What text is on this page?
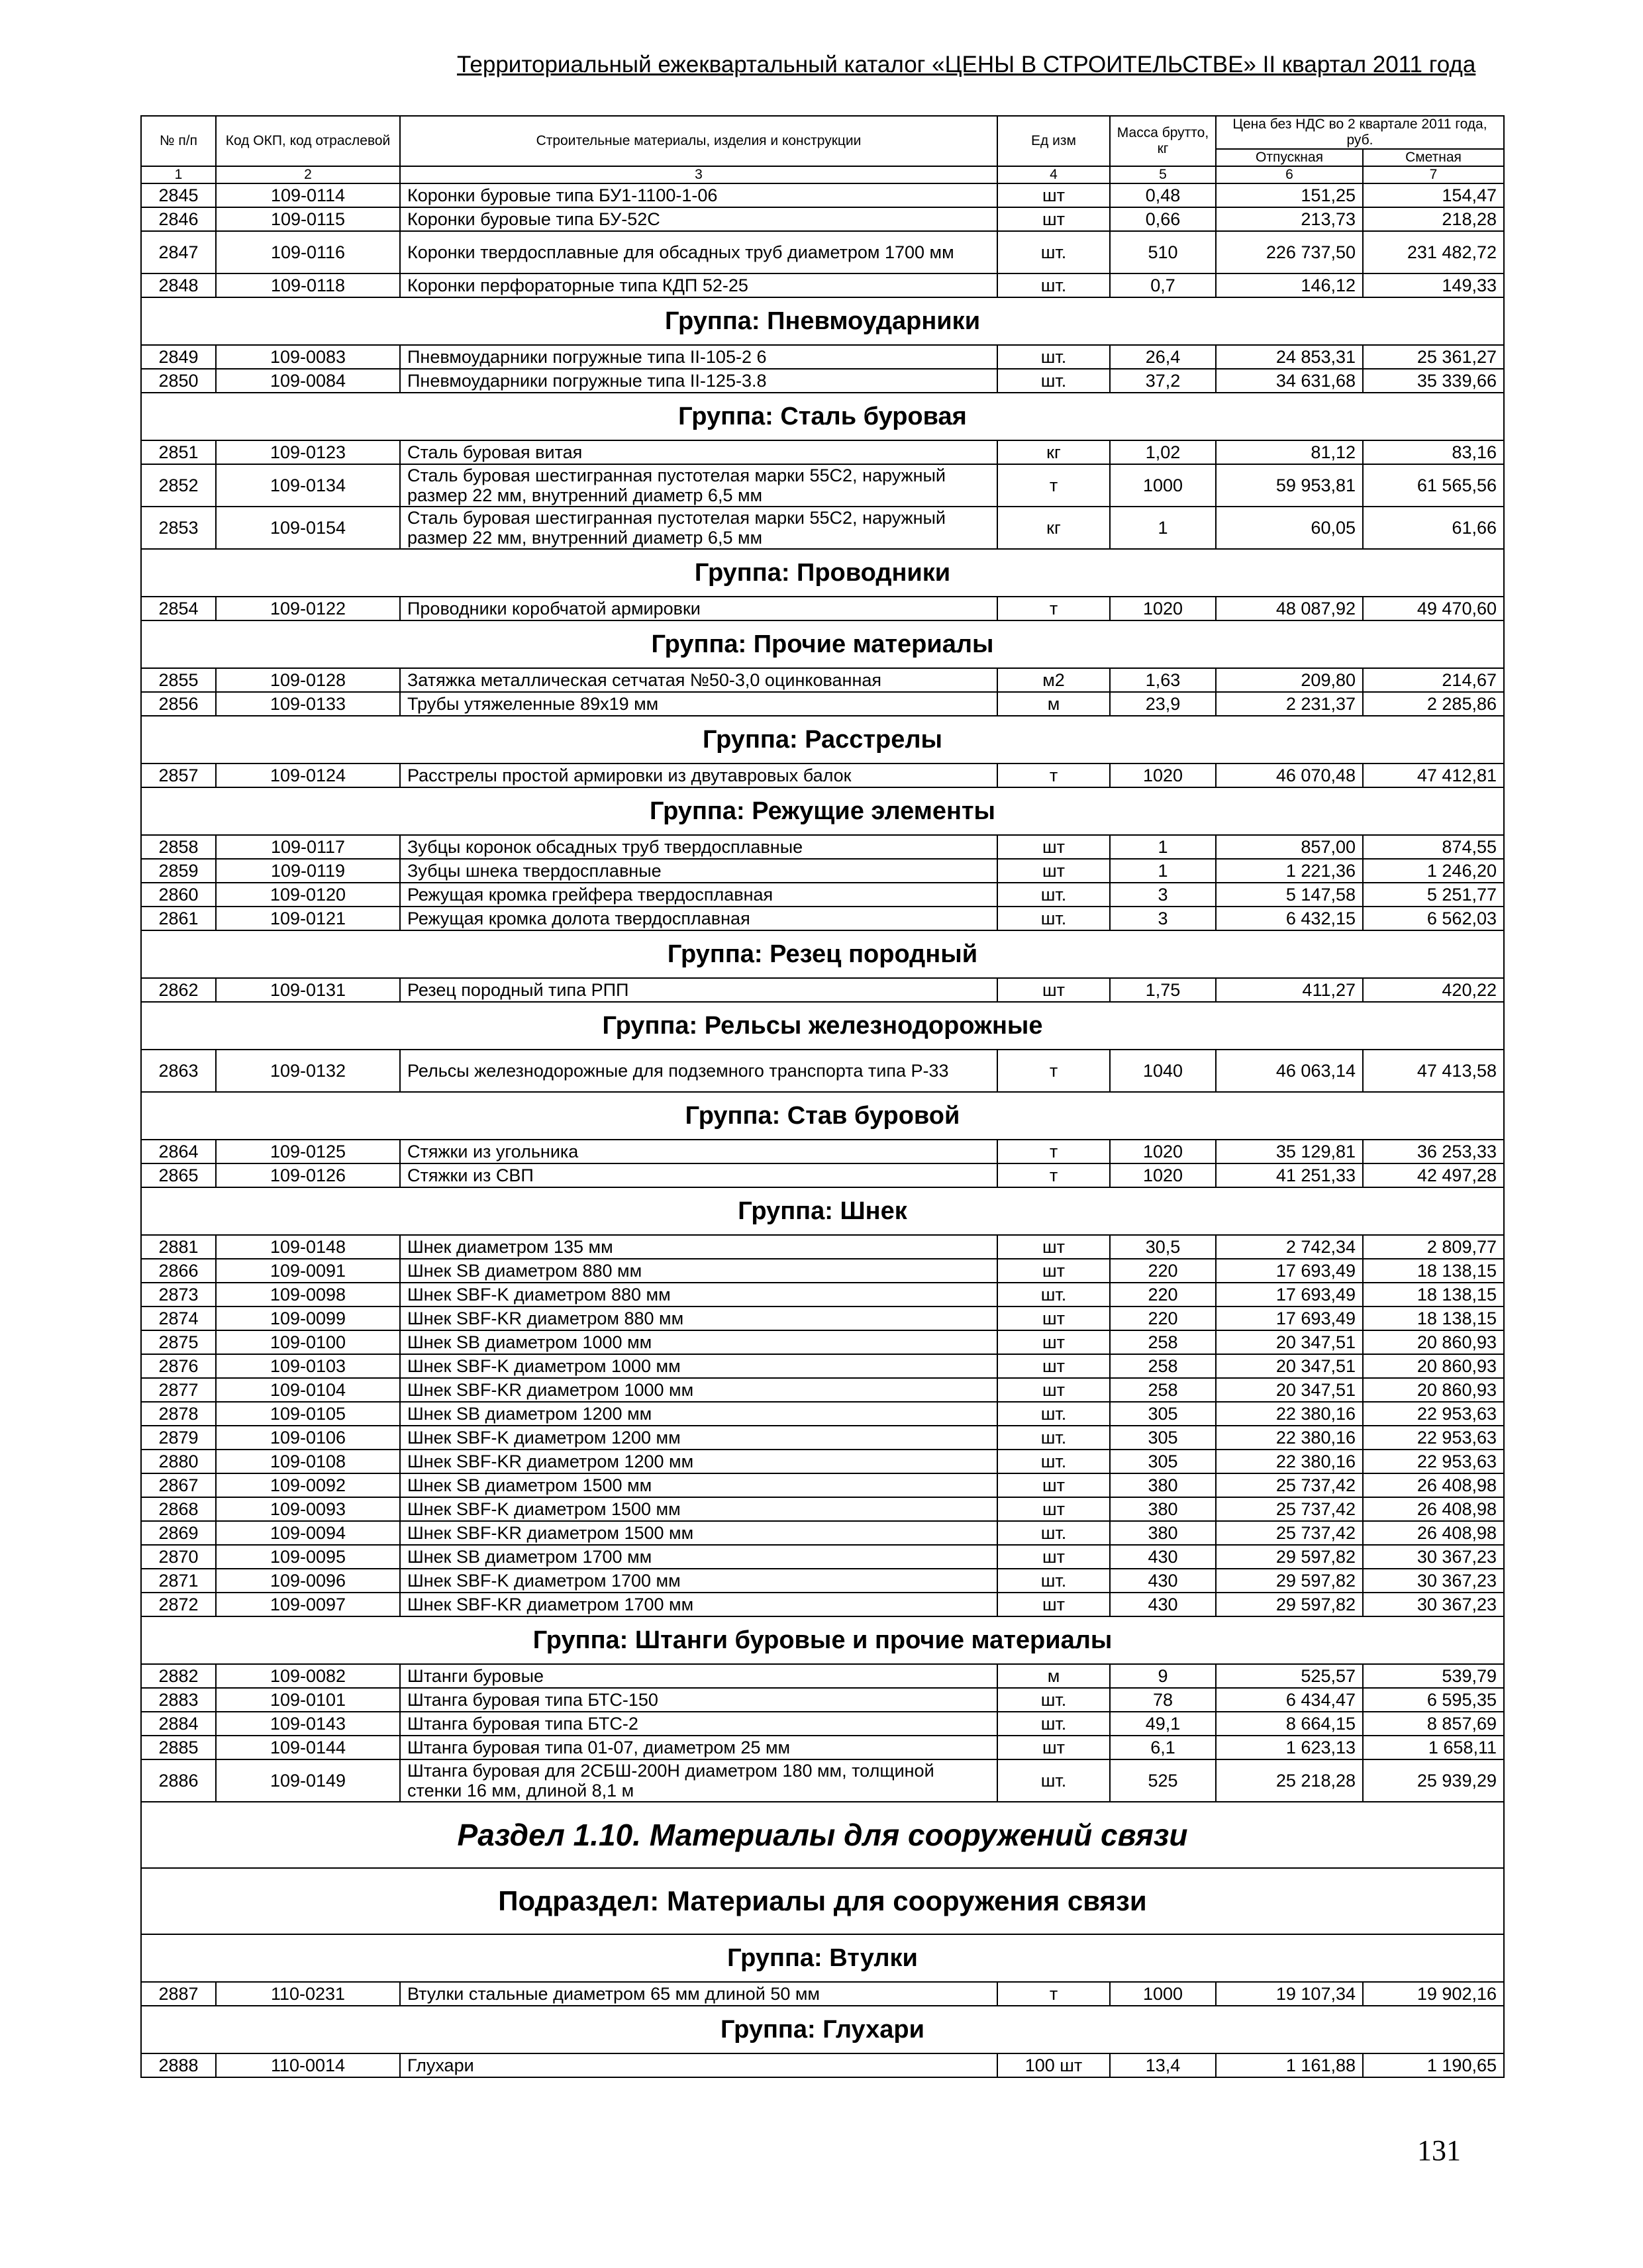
Территориальный ежеквартальный каталог «ЦЕНЫ В СТРОИТЕЛЬСТВЕ» II квартал 2011 года
№ п/п	Код ОКП, код отраслевой	Строительные материалы, изделия и конструкции	Ед изм	Масса брутто, кг	Цена без НДС во 2 квартале 2011 года, руб.	
					Отпускная	Сметная
1	2	3	4	5	6	7
2845	109-0114	Коронки буровые типа БУ1-1100-1-06	шт	0,48	151,25	154,47
2846	109-0115	Коронки буровые типа БУ-52С	шт	0,66	213,73	218,28
2847	109-0116	Коронки твердосплавные для обсадных труб диаметром 1700 мм	шт.	510	226 737,50	231 482,72
2848	109-0118	Коронки перфораторные типа КДП 52-25	шт.	0,7	146,12	149,33
Группа: Пневмоударники						
2849	109-0083	Пневмоударники погружные типа II-105-2 6	шт.	26,4	24 853,31	25 361,27
2850	109-0084	Пневмоударники погружные типа II-125-3.8	шт.	37,2	34 631,68	35 339,66
Группа: Сталь буровая						
2851	109-0123	Сталь буровая витая	кг	1,02	81,12	83,16
2852	109-0134	Сталь буровая шестигранная пустотелая марки 55С2, наружный размер 22 мм, внутренний диаметр 6,5 мм	т	1000	59 953,81	61 565,56
2853	109-0154	Сталь буровая шестигранная пустотелая марки 55С2, наружный размер 22 мм, внутренний диаметр 6,5 мм	кг	1	60,05	61,66
Группа: Проводники						
2854	109-0122	Проводники коробчатой армировки	т	1020	48 087,92	49 470,60
Группа: Прочие материалы						
2855	109-0128	Затяжка металлическая сетчатая №50-3,0 оцинкованная	м2	1,63	209,80	214,67
2856	109-0133	Трубы утяжеленные 89х19 мм	м	23,9	2 231,37	2 285,86
Группа: Расстрелы						
2857	109-0124	Расстрелы простой армировки из двутавровых балок	т	1020	46 070,48	47 412,81
Группа: Режущие элементы						
2858	109-0117	Зубцы коронок обсадных труб твердосплавные	шт	1	857,00	874,55
2859	109-0119	Зубцы шнека твердосплавные	шт	1	1 221,36	1 246,20
2860	109-0120	Режущая кромка грейфера твердосплавная	шт.	3	5 147,58	5 251,77
2861	109-0121	Режущая кромка долота твердосплавная	шт.	3	6 432,15	6 562,03
Группа: Резец породный						
2862	109-0131	Резец породный типа РПП	шт	1,75	411,27	420,22
Группа: Рельсы железнодорожные						
2863	109-0132	Рельсы железнодорожные для подземного транспорта типа Р-33	т	1040	46 063,14	47 413,58
Группа: Став буровой						
2864	109-0125	Стяжки из угольника	т	1020	35 129,81	36 253,33
2865	109-0126	Стяжки из СВП	т	1020	41 251,33	42 497,28
Группа: Шнек						
2881	109-0148	Шнек диаметром 135 мм	шт	30,5	2 742,34	2 809,77
2866	109-0091	Шнек SB диаметром 880 мм	шт	220	17 693,49	18 138,15
2873	109-0098	Шнек SBF-K диаметром 880 мм	шт.	220	17 693,49	18 138,15
2874	109-0099	Шнек SBF-KR диаметром 880 мм	шт	220	17 693,49	18 138,15
2875	109-0100	Шнек SB диаметром 1000 мм	шт	258	20 347,51	20 860,93
2876	109-0103	Шнек SBF-K диаметром 1000 мм	шт	258	20 347,51	20 860,93
2877	109-0104	Шнек SBF-KR диаметром 1000 мм	шт	258	20 347,51	20 860,93
2878	109-0105	Шнек SB диаметром 1200 мм	шт.	305	22 380,16	22 953,63
2879	109-0106	Шнек SBF-K диаметром 1200 мм	шт.	305	22 380,16	22 953,63
2880	109-0108	Шнек SBF-KR диаметром 1200 мм	шт.	305	22 380,16	22 953,63
2867	109-0092	Шнек SB диаметром 1500 мм	шт	380	25 737,42	26 408,98
2868	109-0093	Шнек SBF-K диаметром 1500 мм	шт	380	25 737,42	26 408,98
2869	109-0094	Шнек SBF-KR диаметром 1500 мм	шт.	380	25 737,42	26 408,98
2870	109-0095	Шнек SB диаметром 1700 мм	шт	430	29 597,82	30 367,23
2871	109-0096	Шнек SBF-K диаметром 1700 мм	шт.	430	29 597,82	30 367,23
2872	109-0097	Шнек SBF-KR диаметром 1700 мм	шт	430	29 597,82	30 367,23
Группа: Штанги буровые и прочие материалы						
2882	109-0082	Штанги буровые	м	9	525,57	539,79
2883	109-0101	Штанга буровая типа БТС-150	шт.	78	6 434,47	6 595,35
2884	109-0143	Штанга буровая типа БТС-2	шт.	49,1	8 664,15	8 857,69
2885	109-0144	Штанга буровая типа 01-07, диаметром 25 мм	шт	6,1	1 623,13	1 658,11
2886	109-0149	Штанга буровая для 2СБШ-200Н диаметром 180 мм, толщиной стенки 16 мм, длиной 8,1 м	шт.	525	25 218,28	25 939,29
Раздел 1.10. Материалы для сооружений связи						
Подраздел: Материалы для сооружения связи						
Группа: Втулки						
2887	110-0231	Втулки стальные диаметром 65 мм длиной 50 мм	т	1000	19 107,34	19 902,16
Группа: Глухари						
2888	110-0014	Глухари	100 шт	13,4	1 161,88	1 190,65
131
